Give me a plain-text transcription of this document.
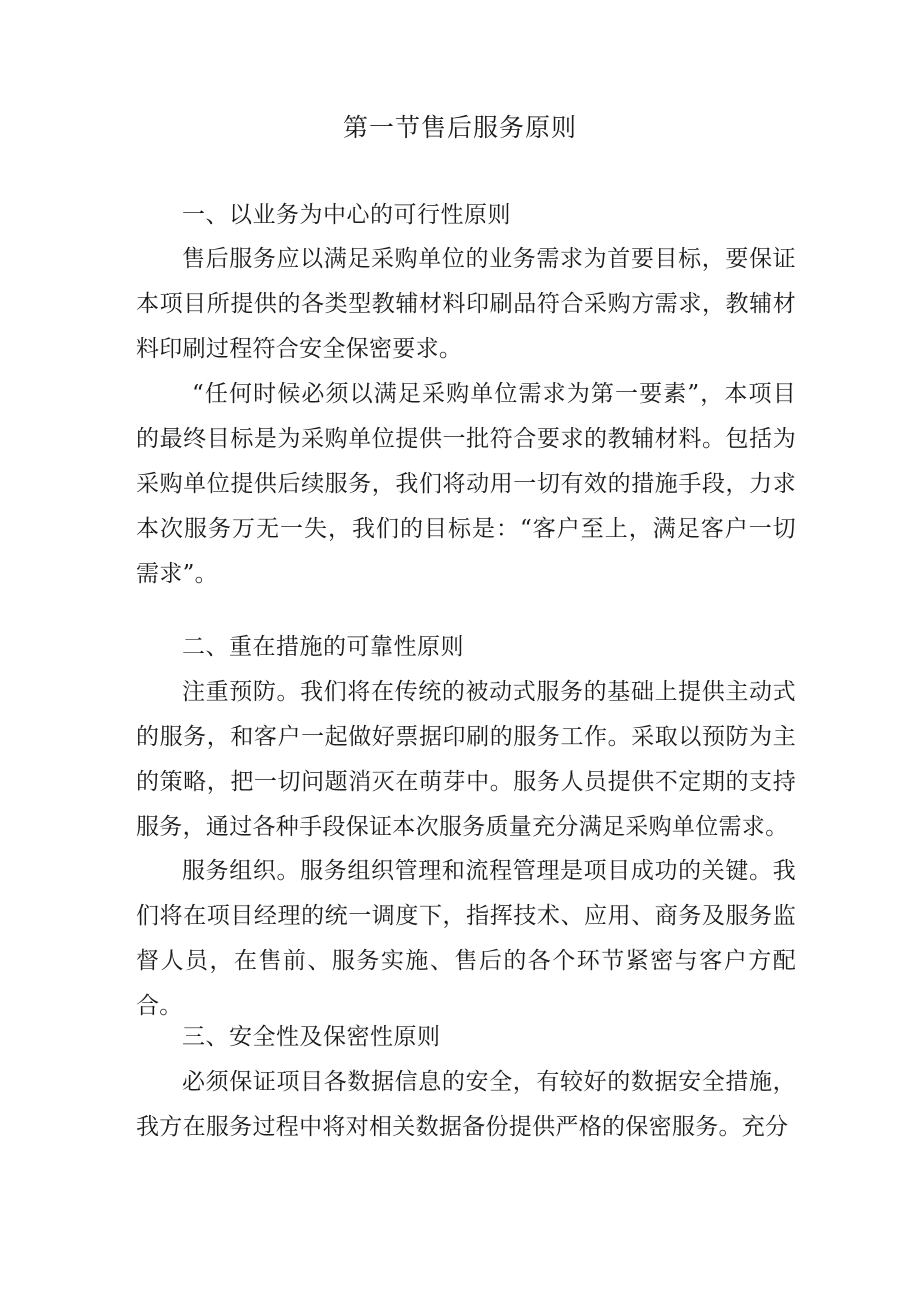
第一节售后服务原则

一、以业务为中心的可行性原则

售后服务应以满足采购单位的业务需求为首要目标，要保证本项目所提供的各类型教辅材料印刷品符合采购方需求，教辅材料印刷过程符合安全保密要求。

“任何时候必须以满足采购单位需求为第一要素”，本项目的最终目标是为采购单位提供一批符合要求的教辅材料。包括为采购单位提供后续服务，我们将动用一切有效的措施手段，力求本次服务万无一失，我们的目标是：“客户至上，满足客户一切需求”。

二、重在措施的可靠性原则

注重预防。我们将在传统的被动式服务的基础上提供主动式的服务，和客户一起做好票据印刷的服务工作。采取以预防为主的策略，把一切问题消灭在萌芽中。服务人员提供不定期的支持服务，通过各种手段保证本次服务质量充分满足采购单位需求。

服务组织。服务组织管理和流程管理是项目成功的关键。我们将在项目经理的统一调度下，指挥技术、应用、商务及服务监督人员，在售前、服务实施、售后的各个环节紧密与客户方配合。

三、安全性及保密性原则

必须保证项目各数据信息的安全，有较好的数据安全措施，我方在服务过程中将对相关数据备份提供严格的保密服务。充分
